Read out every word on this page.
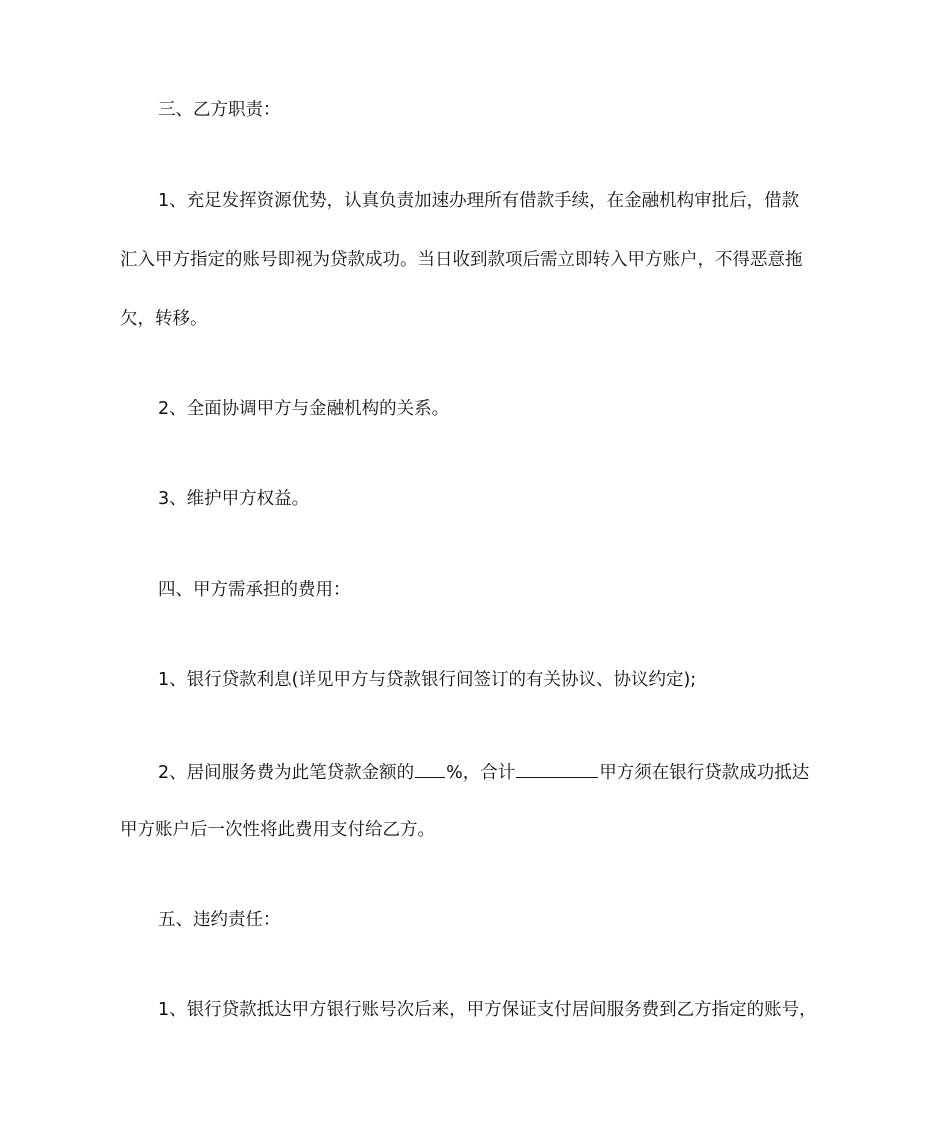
三、乙方职责：
1、充足发挥资源优势，认真负责加速办理所有借款手续，在金融机构审批后，借款
汇入甲方指定的账号即视为贷款成功。当日收到款项后需立即转入甲方账户，不得恶意拖
欠，转移。
2、全面协调甲方与金融机构的关系。
3、维护甲方权益。
四、甲方需承担的费用：
1、银行贷款利息(详见甲方与贷款银行间签订的有关协议、协议约定);
2、居间服务费为此笔贷款金额的 %，合计	甲方须在银行贷款成功抵达
甲方账户后一次性将此费用支付给乙方。
五、违约责任：
1、银行贷款抵达甲方银行账号次后来，甲方保证支付居间服务费到乙方指定的账号，
